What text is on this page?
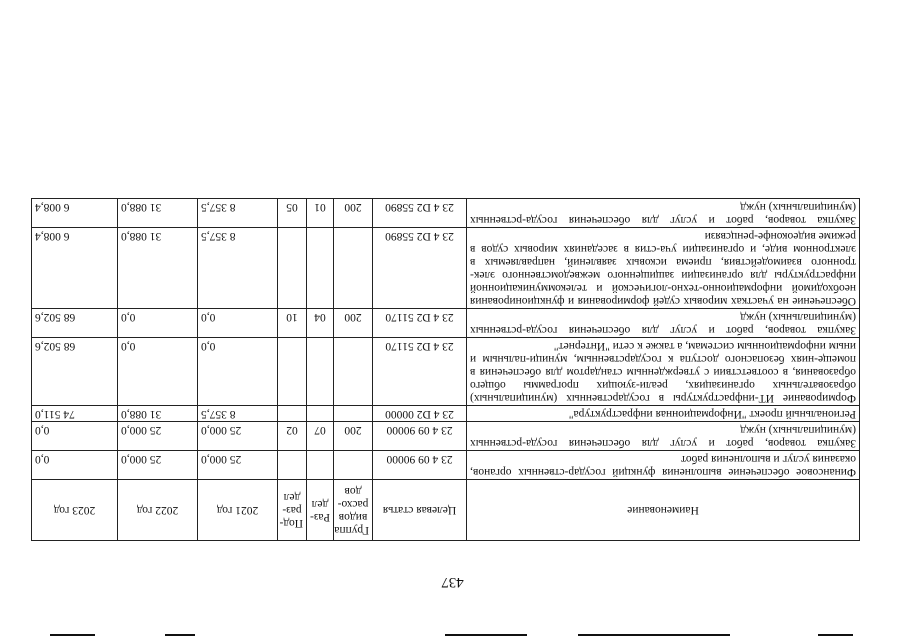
437
Наименование	Целевая статья	Группа видов расхо-дов	Раз-дел	Под-раз-дел	2021 год	2022 год	2023 год
Финансовое обеспечение выполнения функций государ-ственных органов, оказания услуг и выполнения работ	23 4 09 90000				25 000,0	25 000,0	0,0
Закупка товаров, работ и услуг для обеспечения госуда-рственных (муниципальных) нужд	23 4 09 90000	200	07	02	25 000,0	25 000,0	0,0
Региональный проект "Информационная инфраструктура"	23 4 D2 00000				8 357,5	31 088,0	74 511,0
Формирование ИТ-инфраструктуры в государственных (муниципальных) образовательных организациях, реали-зующих программы общего образования, в соответствии с утвержденным стандартом для обеспечения в помеще-ниях безопасного доступа к государственным, муници-пальным и иным информационным системам, а также к сети "Интернет"	23 4 D2 51170				0,0	0,0	68 502,6
Закупка товаров, работ и услуг для обеспечения госуда-рственных (муниципальных) нужд	23 4 D2 51170	200	04	10	0,0	0,0	68 502,6
Обеспечение на участках мировых судей формирования и функционирования необходимой информационно-техно-логической и телекоммуникационной инфраструктуры для организации защищенного межведомственного элек-тронного взаимодействия, приема исковых заявлений, направляемых в электронном виде, и организации уча-стия в заседаниях мировых судов в режиме видеоконфе-ренцсвязи	23 4 D2 55890				8 357,5	31 088,0	6 008,4
Закупка товаров, работ и услуг для обеспечения госуда-рственных (муниципальных) нужд	23 4 D2 55890	200	01	05	8 357,5	31 088,0	6 008,4
